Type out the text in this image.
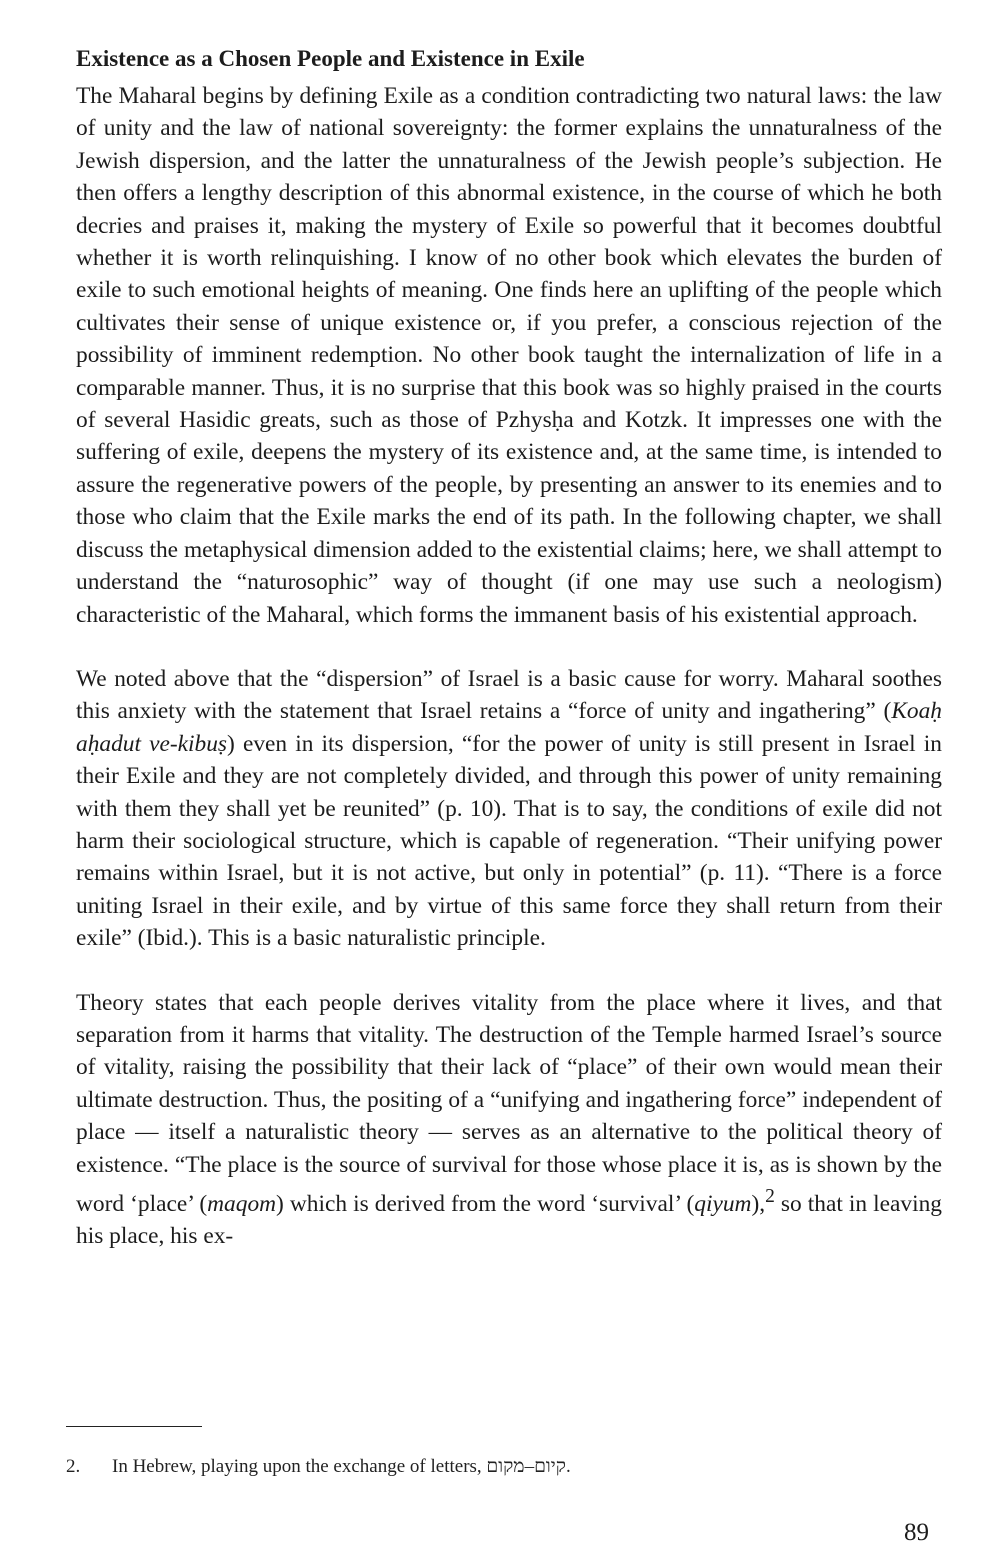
Existence as a Chosen People and Existence in Exile

The Maharal begins by defining Exile as a condition contradicting two natural laws: the law of unity and the law of national sovereignty: the former explains the unnaturalness of the Jewish dispersion, and the latter the unnaturalness of the Jewish people’s subjection. He then offers a lengthy description of this abnormal existence, in the course of which he both decries and praises it, making the mystery of Exile so powerful that it becomes doubtful whether it is worth relinquishing. I know of no other book which elevates the burden of exile to such emotional heights of meaning. One finds here an uplifting of the people which cultivates their sense of unique existence or, if you prefer, a conscious rejection of the possibility of imminent redemption. No other book taught the internalization of life in a comparable manner. Thus, it is no surprise that this book was so highly praised in the courts of several Hasidic greats, such as those of Pzhysḥa and Kotzk. It impresses one with the suffering of exile, deepens the mystery of its existence and, at the same time, is intended to assure the regenerative powers of the people, by presenting an answer to its enemies and to those who claim that the Exile marks the end of its path. In the following chapter, we shall discuss the metaphysical dimension added to the existential claims; here, we shall attempt to understand the “naturosophic” way of thought (if one may use such a neologism) characteristic of the Maharal, which forms the immanent basis of his existential approach.

We noted above that the “dispersion” of Israel is a basic cause for worry. Maharal soothes this anxiety with the statement that Israel retains a “force of unity and ingathering” (Koaḥ aḥadut ve-kibuṣ) even in its dispersion, “for the power of unity is still present in Israel in their Exile and they are not completely divided, and through this power of unity remaining with them they shall yet be reunited” (p. 10). That is to say, the conditions of exile did not harm their sociological structure, which is capable of regeneration. “Their unifying power remains within Israel, but it is not active, but only in potential” (p. 11). “There is a force uniting Israel in their exile, and by virtue of this same force they shall return from their exile” (Ibid.). This is a basic naturalistic principle.

Theory states that each people derives vitality from the place where it lives, and that separation from it harms that vitality. The destruction of the Temple harmed Israel’s source of vitality, raising the possibility that their lack of “place” of their own would mean their ultimate destruction. Thus, the positing of a “unifying and ingathering force” independent of place — itself a naturalistic theory — serves as an alternative to the political theory of existence. “The place is the source of survival for those whose place it is, as is shown by the word ‘place’ (maqom) which is derived from the word ‘survival’ (qiyum),$^2$ so that in leaving his place, his ex-

2. In Hebrew, playing upon the exchange of letters, קיום–מקום.
89
